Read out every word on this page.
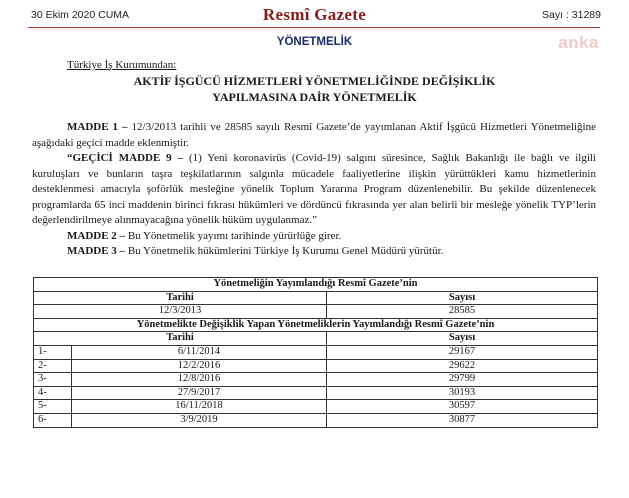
30 Ekim 2020 CUMA	Resmî Gazete	Sayı : 31289
YÖNETMELİK	anka
Türkiye İş Kurumundan:
AKTİF İŞGÜCÜ HİZMETLERİ YÖNETMELİĞİNDE DEĞİŞİKLİK
YAPILMASINA DAİR YÖNETMELİK

MADDE 1 – 12/3/2013 tarihli ve 28585 sayılı Resmî Gazete’de yayımlanan Aktif İşgücü Hizmetleri Yönetmeliğine aşağıdaki geçici madde eklenmiştir.

“GEÇİCİ MADDE 9 – (1) Yeni koronavirüs (Covid-19) salgını süresince, Sağlık Bakanlığı ile bağlı ve ilgili kuruluşları ve bunların taşra teşkilatlarının salgınla mücadele faaliyetlerine ilişkin yürüttükleri kamu hizmetlerinin desteklenmesi amacıyla şoförlük mesleğine yönelik Toplum Yararına Program düzenlenebilir. Bu şekilde düzenlenecek programlarda 65 inci maddenin birinci fıkrası hükümleri ve dördüncü fıkrasında yer alan belirli bir mesleğe yönelik TYP’lerin değerlendirilmeye alınmayacağına yönelik hüküm uygulanmaz.”

MADDE 2 – Bu Yönetmelik yayımı tarihinde yürürlüğe girer.

MADDE 3 – Bu Yönetmelik hükümlerini Türkiye İş Kurumu Genel Müdürü yürütür.

Yönetmeliğin Yayımlandığı Resmî Gazete’nin		
Tarihi		Sayısı
12/3/2013		28585
Yönetmelikte Değişiklik Yapan Yönetmeliklerin Yayımlandığı Resmî Gazete’nin		
Tarihi		Sayısı
1-	6/11/2014	29167
2-	12/2/2016	29622
3-	12/8/2016	29799
4-	27/9/2017	30193
5-	16/11/2018	30597
6-	3/9/2019	30877
